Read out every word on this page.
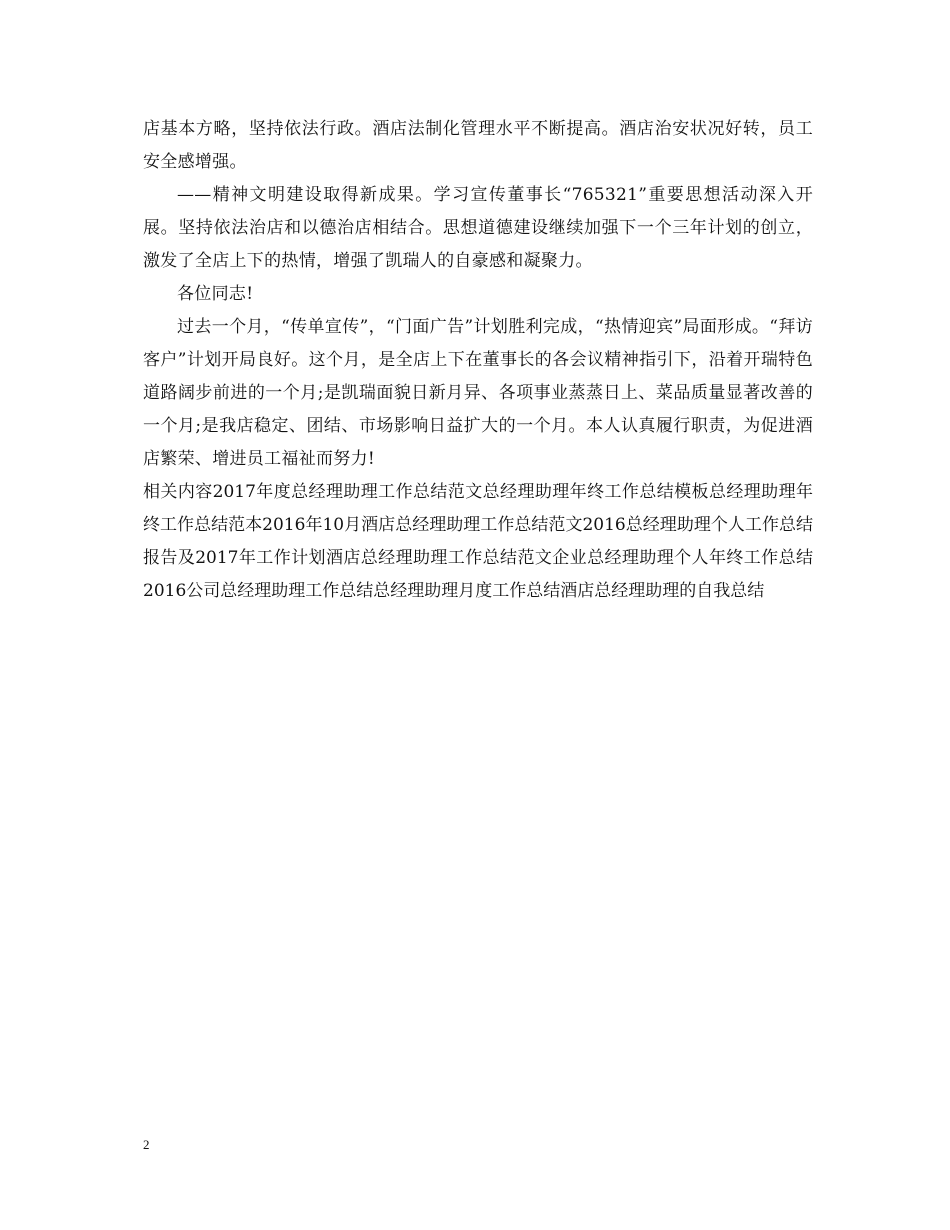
店基本方略，坚持依法行政。酒店法制化管理水平不断提高。酒店治安状况好转，员工安全感增强。

——精神文明建设取得新成果。学习宣传董事长“765321”重要思想活动深入开展。坚持依法治店和以德治店相结合。思想道德建设继续加强下一个三年计划的创立，激发了全店上下的热情，增强了凯瑞人的自豪感和凝聚力。

各位同志!

过去一个月，“传单宣传”，“门面广告”计划胜利完成，“热情迎宾”局面形成。“拜访客户”计划开局良好。这个月，是全店上下在董事长的各会议精神指引下，沿着开瑞特色道路阔步前进的一个月;是凯瑞面貌日新月异、各项事业蒸蒸日上、菜品质量显著改善的一个月;是我店稳定、团结、市场影响日益扩大的一个月。本人认真履行职责，为促进酒店繁荣、增进员工福祉而努力!

相关内容2017年度总经理助理工作总结范文总经理助理年终工作总结模板总经理助理年终工作总结范本2016年10月酒店总经理助理工作总结范文2016总经理助理个人工作总结报告及2017年工作计划酒店总经理助理工作总结范文企业总经理助理个人年终工作总结2016公司总经理助理工作总结总经理助理月度工作总结酒店总经理助理的自我总结

2
